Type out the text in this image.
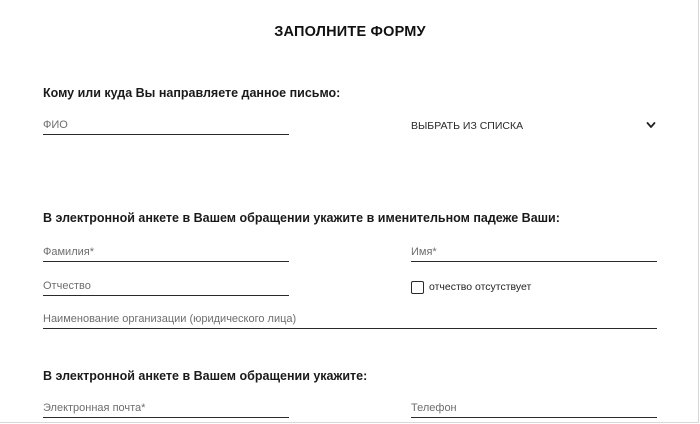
ЗАПОЛНИТЕ ФОРМУ
Кому или куда Вы направляете данное письмо:
ФИО
ВЫБРАТЬ ИЗ СПИСКА
В электронной анкете в Вашем обращении укажите в именительном падеже Ваши:
Фамилия*
Имя*
Отчество
отчество отсутствует
Наименование организации (юридического лица)
В электронной анкете в Вашем обращении укажите:
Электронная почта*
Телефон
